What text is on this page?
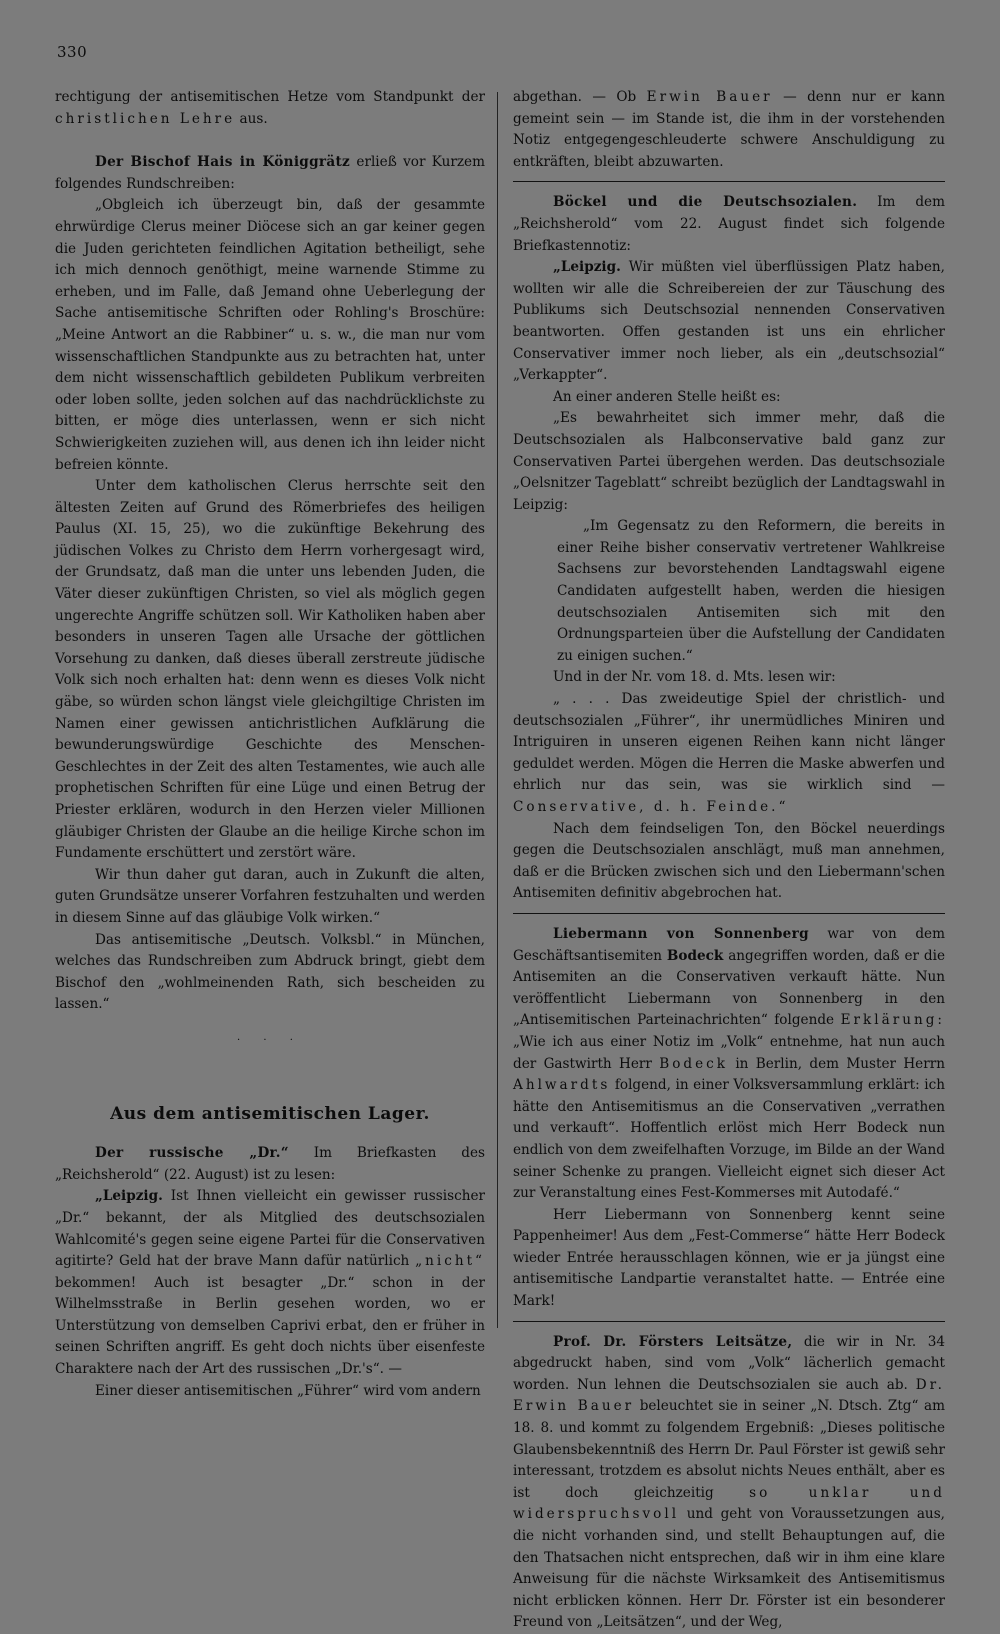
330

rechtigung der antisemitischen Hetze vom Standpunkt der christlichen Lehre aus.

Der Bischof Hais in Königgrätz erließ vor Kurzem folgendes Rundschreiben:

„Obgleich ich überzeugt bin, daß der gesammte ehrwürdige Clerus meiner Diöcese sich an gar keiner gegen die Juden gerichteten feindlichen Agitation betheiligt, sehe ich mich dennoch genöthigt, meine warnende Stimme zu erheben, und im Falle, daß Jemand ohne Ueberlegung der Sache antisemitische Schriften oder Rohling's Broschüre: „Meine Antwort an die Rabbiner“ u. s. w., die man nur vom wissenschaftlichen Standpunkte aus zu betrachten hat, unter dem nicht wissenschaftlich gebildeten Publikum verbreiten oder loben sollte, jeden solchen auf das nachdrücklichste zu bitten, er möge dies unterlassen, wenn er sich nicht Schwierigkeiten zuziehen will, aus denen ich ihn leider nicht befreien könnte.

Unter dem katholischen Clerus herrschte seit den ältesten Zeiten auf Grund des Römerbriefes des heiligen Paulus (XI. 15, 25), wo die zukünftige Bekehrung des jüdischen Volkes zu Christo dem Herrn vorhergesagt wird, der Grundsatz, daß man die unter uns lebenden Juden, die Väter dieser zukünftigen Christen, so viel als möglich gegen ungerechte Angriffe schützen soll. Wir Katholiken haben aber besonders in unseren Tagen alle Ursache der göttlichen Vorsehung zu danken, daß dieses überall zerstreute jüdische Volk sich noch erhalten hat: denn wenn es dieses Volk nicht gäbe, so würden schon längst viele gleichgiltige Christen im Namen einer gewissen antichristlichen Aufklärung die bewunderungswürdige Geschichte des Menschen-Geschlechtes in der Zeit des alten Testamentes, wie auch alle prophetischen Schriften für eine Lüge und einen Betrug der Priester erklären, wodurch in den Herzen vieler Millionen gläubiger Christen der Glaube an die heilige Kirche schon im Fundamente erschüttert und zerstört wäre.

Wir thun daher gut daran, auch in Zukunft die alten, guten Grundsätze unserer Vorfahren festzuhalten und werden in diesem Sinne auf das gläubige Volk wirken.“

Das antisemitische „Deutsch. Volksbl.“ in München, welches das Rundschreiben zum Abdruck bringt, giebt dem Bischof den „wohlmeinenden Rath, sich bescheiden zu lassen.“

· · ·
Aus dem antisemitischen Lager.

Der russische „Dr.“ Im Briefkasten des „Reichsherold“ (22. August) ist zu lesen:

„Leipzig. Ist Ihnen vielleicht ein gewisser russischer „Dr.“ bekannt, der als Mitglied des deutschsozialen Wahlcomité's gegen seine eigene Partei für die Conservativen agitirte? Geld hat der brave Mann dafür natürlich „nicht“ bekommen! Auch ist besagter „Dr.“ schon in der Wilhelmsstraße in Berlin gesehen worden, wo er Unterstützung von demselben Caprivi erbat, den er früher in seinen Schriften angriff. Es geht doch nichts über eisenfeste Charaktere nach der Art des russischen „Dr.'s“. —

Einer dieser antisemitischen „Führer“ wird vom andern

abgethan. — Ob Erwin Bauer — denn nur er kann gemeint sein — im Stande ist, die ihm in der vorstehenden Notiz entgegengeschleuderte schwere Anschuldigung zu entkräften, bleibt abzuwarten.

Böckel und die Deutschsozialen. Im dem „Reichsherold“ vom 22. August findet sich folgende Briefkastennotiz:

„Leipzig. Wir müßten viel überflüssigen Platz haben, wollten wir alle die Schreibereien der zur Täuschung des Publikums sich Deutschsozial nennenden Conservativen beantworten. Offen gestanden ist uns ein ehrlicher Conservativer immer noch lieber, als ein „deutschsozial“ „Verkappter“.

An einer anderen Stelle heißt es:

„Es bewahrheitet sich immer mehr, daß die Deutschsozialen als Halbconservative bald ganz zur Conservativen Partei übergehen werden. Das deutschsoziale „Oelsnitzer Tageblatt“ schreibt bezüglich der Landtagswahl in Leipzig:

„Im Gegensatz zu den Reformern, die bereits in einer Reihe bisher conservativ vertretener Wahlkreise Sachsens zur bevorstehenden Landtagswahl eigene Candidaten aufgestellt haben, werden die hiesigen deutschsozialen Antisemiten sich mit den Ordnungsparteien über die Aufstellung der Candidaten zu einigen suchen.“

Und in der Nr. vom 18. d. Mts. lesen wir:

„ . . . Das zweideutige Spiel der christlich- und deutschsozialen „Führer“, ihr unermüdliches Miniren und Intriguiren in unseren eigenen Reihen kann nicht länger geduldet werden. Mögen die Herren die Maske abwerfen und ehrlich nur das sein, was sie wirklich sind — Conservative, d. h. Feinde.“

Nach dem feindseligen Ton, den Böckel neuerdings gegen die Deutschsozialen anschlägt, muß man annehmen, daß er die Brücken zwischen sich und den Liebermann'schen Antisemiten definitiv abgebrochen hat.

Liebermann von Sonnenberg war von dem Geschäftsantisemiten Bodeck angegriffen worden, daß er die Antisemiten an die Conservativen verkauft hätte. Nun veröffentlicht Liebermann von Sonnenberg in den „Antisemitischen Parteinachrichten“ folgende Erklärung: „Wie ich aus einer Notiz im „Volk“ entnehme, hat nun auch der Gastwirth Herr Bodeck in Berlin, dem Muster Herrn Ahlwardts folgend, in einer Volksversammlung erklärt: ich hätte den Antisemitismus an die Conservativen „verrathen und verkauft“. Hoffentlich erlöst mich Herr Bodeck nun endlich von dem zweifelhaften Vorzuge, im Bilde an der Wand seiner Schenke zu prangen. Vielleicht eignet sich dieser Act zur Veranstaltung eines Fest-Kommerses mit Autodafé.“

Herr Liebermann von Sonnenberg kennt seine Pappenheimer! Aus dem „Fest-Commerse“ hätte Herr Bodeck wieder Entrée herausschlagen können, wie er ja jüngst eine antisemitische Landpartie veranstaltet hatte. — Entrée eine Mark!

Prof. Dr. Försters Leitsätze, die wir in Nr. 34 abgedruckt haben, sind vom „Volk“ lächerlich gemacht worden. Nun lehnen die Deutschsozialen sie auch ab. Dr. Erwin Bauer beleuchtet sie in seiner „N. Dtsch. Ztg“ am 18. 8. und kommt zu folgendem Ergebniß: „Dieses politische Glaubensbekenntniß des Herrn Dr. Paul Förster ist gewiß sehr interessant, trotzdem es absolut nichts Neues enthält, aber es ist doch gleichzeitig so unklar und widerspruchsvoll und geht von Voraussetzungen aus, die nicht vorhanden sind, und stellt Behauptungen auf, die den Thatsachen nicht entsprechen, daß wir in ihm eine klare Anweisung für die nächste Wirksamkeit des Antisemitismus nicht erblicken können. Herr Dr. Förster ist ein besonderer Freund von „Leitsätzen“, und der Weg,
